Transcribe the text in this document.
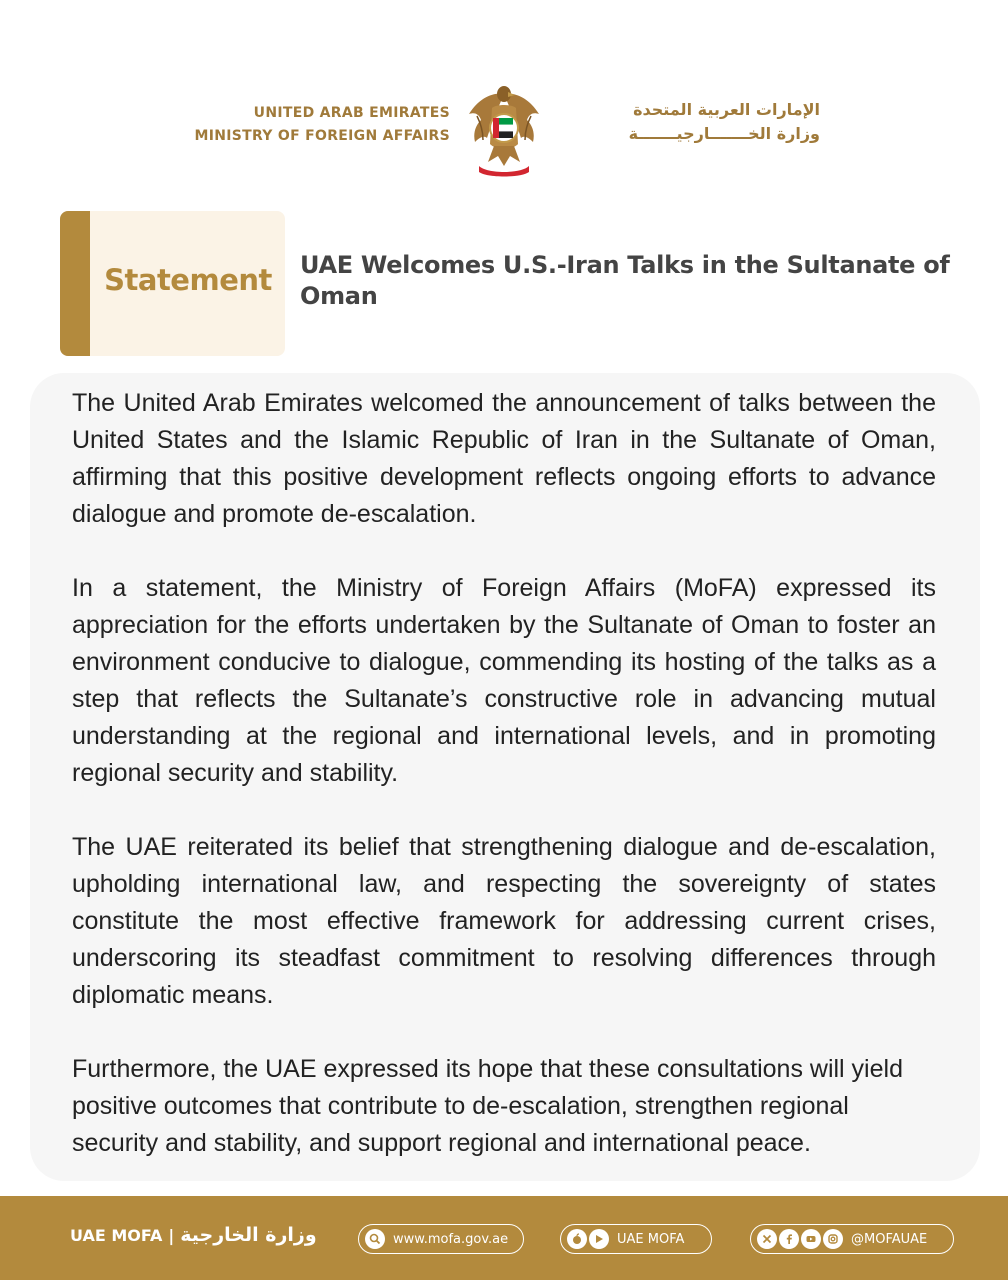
UNITED ARAB EMIRATES
MINISTRY OF FOREIGN AFFAIRS
الإمارات العربية المتحدة
وزارة الخـــــــارجيـــــــة
Statement UAE Welcomes U.S.-Iran Talks in the Sultanate of Oman

The United Arab Emirates welcomed the announcement of talks between the United States and the Islamic Republic of Iran in the Sultanate of Oman, affirming that this positive development reflects ongoing efforts to advance dialogue and promote de-escalation.

In a statement, the Ministry of Foreign Affairs (MoFA) expressed its appreciation for the efforts undertaken by the Sultanate of Oman to foster an environment conducive to dialogue, commending its hosting of the talks as a step that reflects the Sultanate’s constructive role in advancing mutual understanding at the regional and international levels, and in promoting regional security and stability.

The UAE reiterated its belief that strengthening dialogue and de-escalation, upholding international law, and respecting the sovereignty of states constitute the most effective framework for addressing current crises, underscoring its steadfast commitment to resolving differences through diplomatic means.

Furthermore, the UAE expressed its hope that these consultations will yield positive outcomes that contribute to de-escalation, strengthen regional security and stability, and support regional and international peace.

UAE MOFA | وزارة الخارجية	www.mofa.gov.ae	UAE MOFA	@MOFAUAE
